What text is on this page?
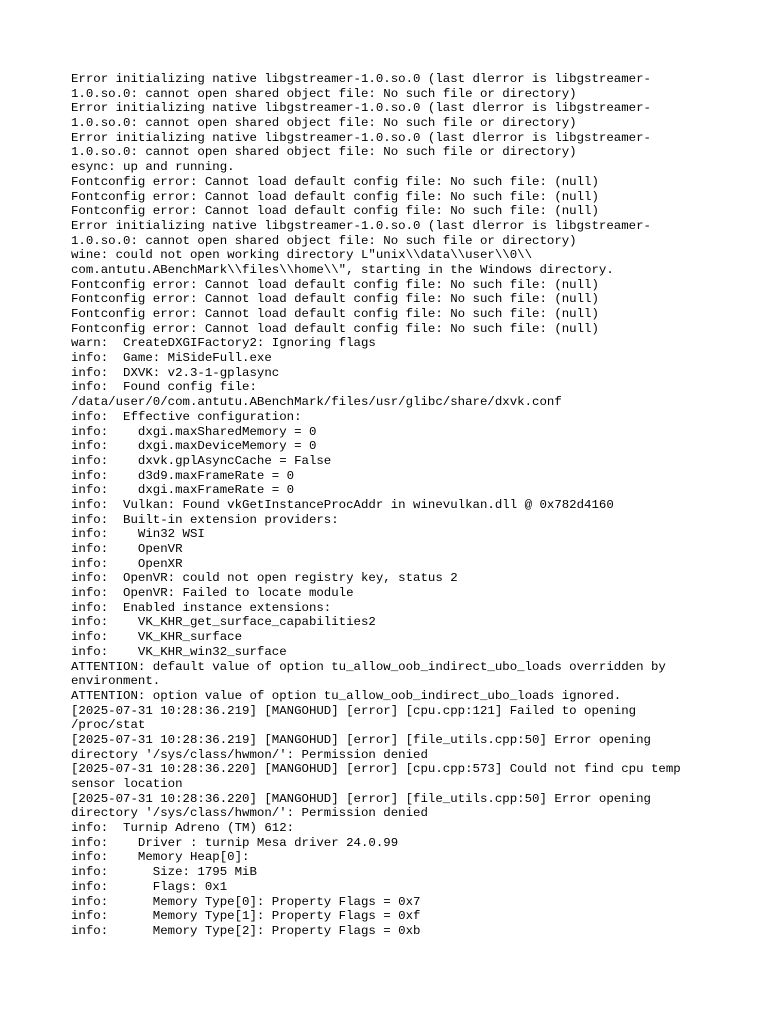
Error initializing native libgstreamer-1.0.so.0 (last dlerror is libgstreamer-
1.0.so.0: cannot open shared object file: No such file or directory)
Error initializing native libgstreamer-1.0.so.0 (last dlerror is libgstreamer-
1.0.so.0: cannot open shared object file: No such file or directory)
Error initializing native libgstreamer-1.0.so.0 (last dlerror is libgstreamer-
1.0.so.0: cannot open shared object file: No such file or directory)
esync: up and running.
Fontconfig error: Cannot load default config file: No such file: (null)
Fontconfig error: Cannot load default config file: No such file: (null)
Fontconfig error: Cannot load default config file: No such file: (null)
Error initializing native libgstreamer-1.0.so.0 (last dlerror is libgstreamer-
1.0.so.0: cannot open shared object file: No such file or directory)
wine: could not open working directory L"unix\\data\\user\\0\\
com.antutu.ABenchMark\\files\\home\\", starting in the Windows directory.
Fontconfig error: Cannot load default config file: No such file: (null)
Fontconfig error: Cannot load default config file: No such file: (null)
Fontconfig error: Cannot load default config file: No such file: (null)
Fontconfig error: Cannot load default config file: No such file: (null)
warn:  CreateDXGIFactory2: Ignoring flags
info:  Game: MiSideFull.exe
info:  DXVK: v2.3-1-gplasync
info:  Found config file:
/data/user/0/com.antutu.ABenchMark/files/usr/glibc/share/dxvk.conf
info:  Effective configuration:
info:    dxgi.maxSharedMemory = 0
info:    dxgi.maxDeviceMemory = 0
info:    dxvk.gplAsyncCache = False
info:    d3d9.maxFrameRate = 0
info:    dxgi.maxFrameRate = 0
info:  Vulkan: Found vkGetInstanceProcAddr in winevulkan.dll @ 0x782d4160
info:  Built-in extension providers:
info:    Win32 WSI
info:    OpenVR
info:    OpenXR
info:  OpenVR: could not open registry key, status 2
info:  OpenVR: Failed to locate module
info:  Enabled instance extensions:
info:    VK_KHR_get_surface_capabilities2
info:    VK_KHR_surface
info:    VK_KHR_win32_surface
ATTENTION: default value of option tu_allow_oob_indirect_ubo_loads overridden by
environment.
ATTENTION: option value of option tu_allow_oob_indirect_ubo_loads ignored.
[2025-07-31 10:28:36.219] [MANGOHUD] [error] [cpu.cpp:121] Failed to opening
/proc/stat
[2025-07-31 10:28:36.219] [MANGOHUD] [error] [file_utils.cpp:50] Error opening
directory '/sys/class/hwmon/': Permission denied
[2025-07-31 10:28:36.220] [MANGOHUD] [error] [cpu.cpp:573] Could not find cpu temp
sensor location
[2025-07-31 10:28:36.220] [MANGOHUD] [error] [file_utils.cpp:50] Error opening
directory '/sys/class/hwmon/': Permission denied
info:  Turnip Adreno (TM) 612:
info:    Driver : turnip Mesa driver 24.0.99
info:    Memory Heap[0]:
info:      Size: 1795 MiB
info:      Flags: 0x1
info:      Memory Type[0]: Property Flags = 0x7
info:      Memory Type[1]: Property Flags = 0xf
info:      Memory Type[2]: Property Flags = 0xb
